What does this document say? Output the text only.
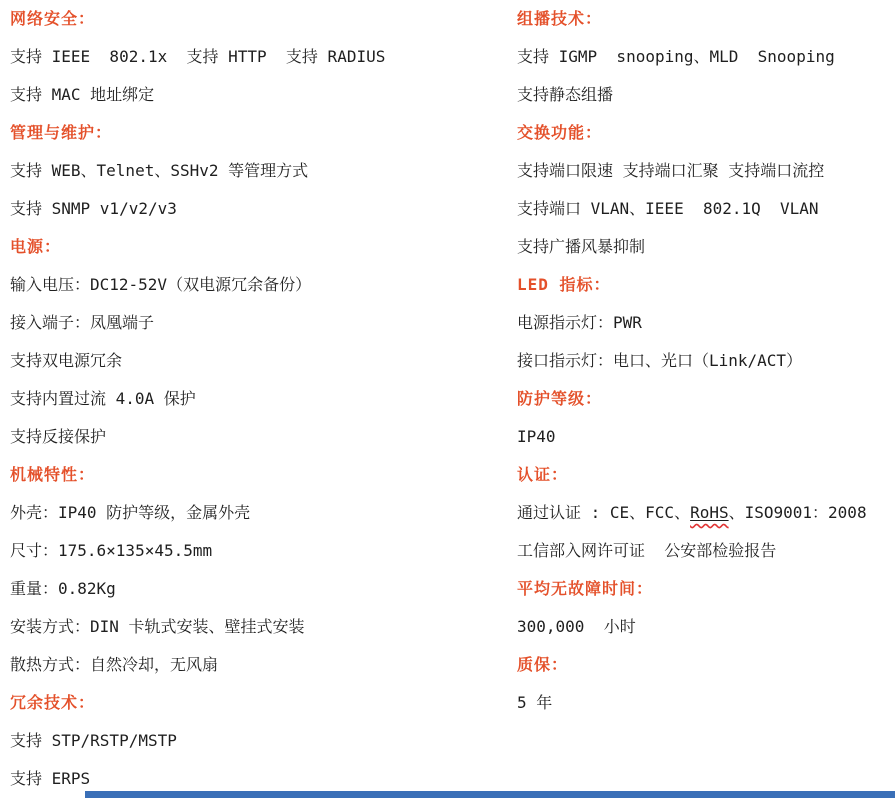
网络安全：

支持 IEEE  802.1x  支持 HTTP  支持 RADIUS

支持 MAC 地址绑定

管理与维护：

支持 WEB、Telnet、SSHv2 等管理方式

支持 SNMP v1/v2/v3

电源：

输入电压：DC12-52V（双电源冗余备份）

接入端子：凤凰端子

支持双电源冗余

支持内置过流 4.0A 保护

支持反接保护

机械特性：

外壳：IP40 防护等级，金属外壳

尺寸：175.6×135×45.5mm

重量：0.82Kg

安装方式：DIN 卡轨式安装、壁挂式安装

散热方式：自然冷却，无风扇

冗余技术：

支持 STP/RSTP/MSTP

支持 ERPS

组播技术：

支持 IGMP  snooping、MLD  Snooping

支持静态组播

交换功能：

支持端口限速 支持端口汇聚 支持端口流控

支持端口 VLAN、IEEE  802.1Q  VLAN

支持广播风暴抑制

LED 指标：

电源指示灯：PWR

接口指示灯：电口、光口（Link/ACT）

防护等级：

IP40

认证：

通过认证 : CE、FCC、RoHS、ISO9001：2008

工信部入网许可证  公安部检验报告

平均无故障时间：

300,000  小时

质保：

5 年
